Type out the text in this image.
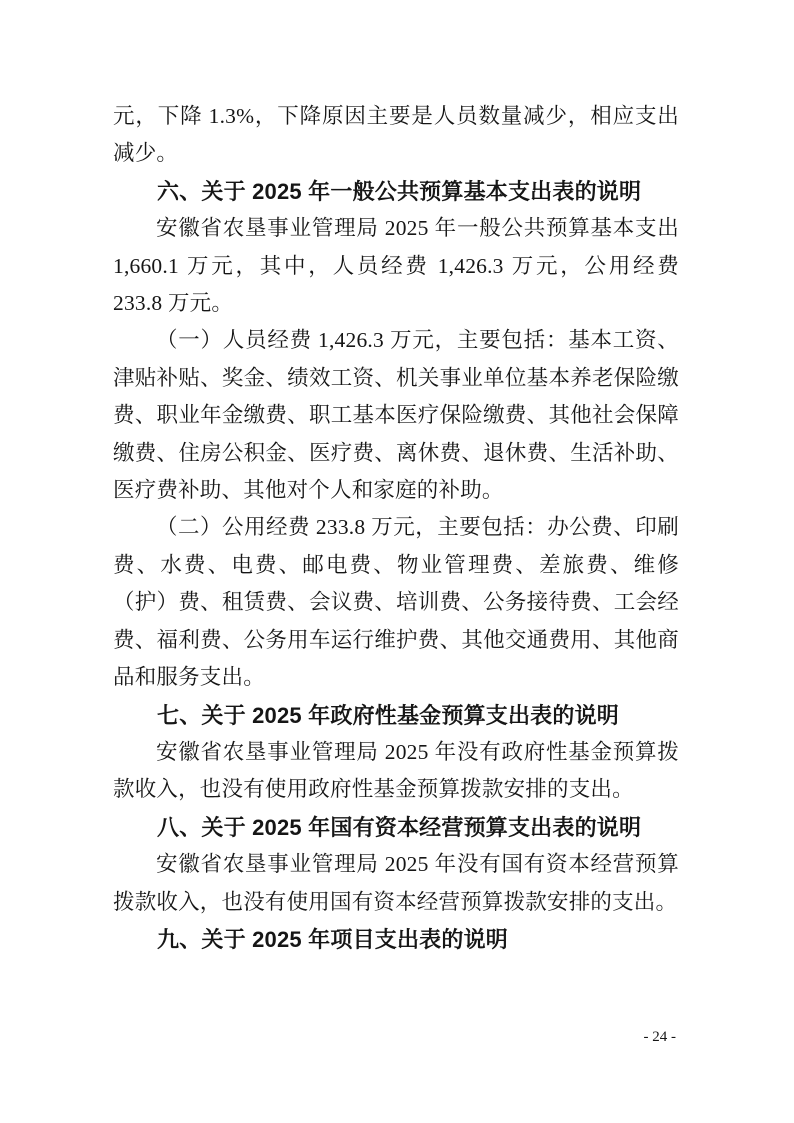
元，下降 1.3%，下降原因主要是人员数量减少，相应支出减少。

六、关于 2025 年一般公共预算基本支出表的说明

安徽省农垦事业管理局 2025 年一般公共预算基本支出 1,660.1 万元，其中，人员经费 1,426.3 万元，公用经费 233.8 万元。

（一）人员经费 1,426.3 万元，主要包括：基本工资、津贴补贴、奖金、绩效工资、机关事业单位基本养老保险缴费、职业年金缴费、职工基本医疗保险缴费、其他社会保障缴费、住房公积金、医疗费、离休费、退休费、生活补助、医疗费补助、其他对个人和家庭的补助。

（二）公用经费 233.8 万元，主要包括：办公费、印刷费、水费、电费、邮电费、物业管理费、差旅费、维修（护）费、租赁费、会议费、培训费、公务接待费、工会经费、福利费、公务用车运行维护费、其他交通费用、其他商品和服务支出。

七、关于 2025 年政府性基金预算支出表的说明

安徽省农垦事业管理局 2025 年没有政府性基金预算拨款收入，也没有使用政府性基金预算拨款安排的支出。

八、关于 2025 年国有资本经营预算支出表的说明

安徽省农垦事业管理局 2025 年没有国有资本经营预算拨款收入，也没有使用国有资本经营预算拨款安排的支出。

九、关于 2025 年项目支出表的说明
- 24 -
